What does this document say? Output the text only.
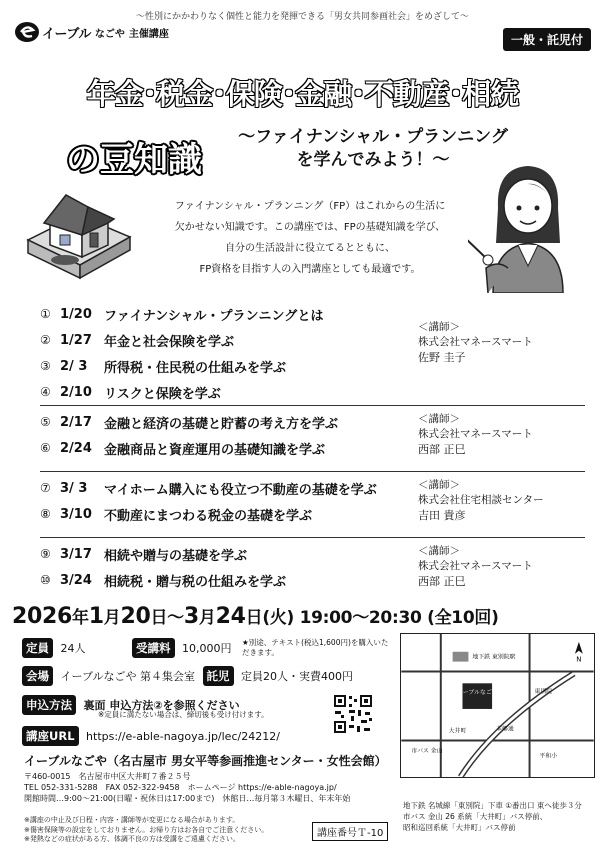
～性別にかかわりなく個性と能力を発揮できる「男女共同参画社会」をめざして～
イーブル なごや 主催講座	一般・託児付
年金･税金･保険･金融･不動産･相続
の豆知識
～ファイナンシャル・プランニング
を学んでみよう！～
ファイナンシャル・プランニング（FP）はこれからの生活に
欠かせない知識です。この講座では、FPの基礎知識を学び、
自分の生活設計に役立てるとともに、
FP資格を目指す人の入門講座としても最適です。
① 1/20 ファイナンシャル・プランニングとは
② 1/27 年金と社会保険を学ぶ
③ 2/ 3	所得税・住民税の仕組みを学ぶ
④ 2/10 リスクと保険を学ぶ
＜講師＞
株式会社マネースマート
佐野 圭子
⑤ 2/17 金融と経済の基礎と貯蓄の考え方を学ぶ
⑥ 2/24 金融商品と資産運用の基礎知識を学ぶ
＜講師＞
株式会社マネースマート
西部 正巳
⑦ 3/ 3	マイホーム購入にも役立つ不動産の基礎を学ぶ
⑧ 3/10 不動産にまつわる税金の基礎を学ぶ
＜講師＞
株式会社住宅相談センター
吉田 貴彦
⑨ 3/17 相続や贈与の基礎を学ぶ
⑩ 3/24 相続税・贈与税の仕組みを学ぶ
＜講師＞
株式会社マネースマート
西部 正巳
2026年1月20日～3月24日(火) 19:00～20:30 (全10回)
定員 24人	受講料 10,000円 ★別途、テキスト(税込1,600円)を購入いただきます。
会場 イーブルなごや 第４集会室 託児 定員20人・実費400円
申込方法 裏面 申込方法②を参照ください
※定員に満たない場合は、締切後も受け付けます。
講座URL https://e-able-nagoya.jp/lec/24212/
イーブルなごや（名古屋市 男女平等参画推進センター・女性会館）
〒460-0015　名古屋市中区大井町７番２５号
TEL 052-331-5288　FAX 052-322-9458　ホームページ https://e-able-nagoya.jp/
開館時間…9:00～21:00(日曜・祝休日は17:00まで)　休館日…毎月第３木曜日、年末年始
※講座の中止及び日程・内容・講師等が変更になる場合があります。
※傷害保険等の設定をしておりません。お帰り方はお各自でご注意ください。
※発熱などの症状がある方、体調不良の方は受講をご遠慮ください。	講座番号Ｔ-10
イーブルなごや
地下鉄 東別院駅
市バス 金山
東別院
平和小
大井町	本郷通
N
地下鉄 名城線「東別院」下車 ①番出口 東へ徒歩３分
市バス 金山 26 系統「大井町」バス停前、
昭和巡回系統「大井町」バス停前
